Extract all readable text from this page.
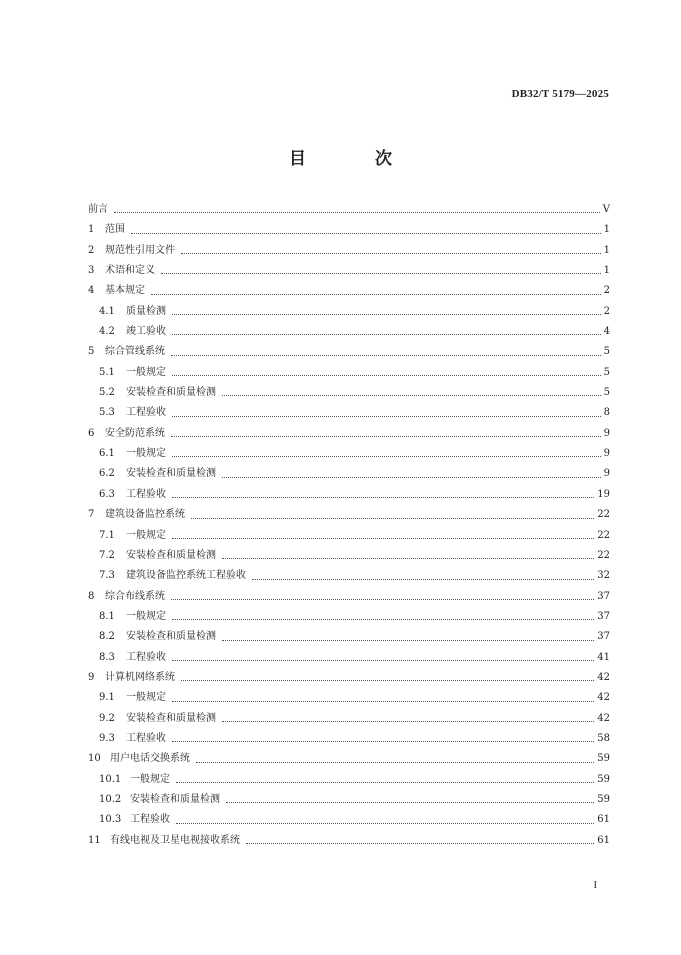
DB32/T 5179—2025
目　次
前言	V
1	范围	1
2	规范性引用文件	1
3	术语和定义	1
4	基本规定	2
4.1	质量检测	2
4.2	竣工验收	4
5	综合管线系统	5
5.1	一般规定	5
5.2	安装检查和质量检测	5
5.3	工程验收	8
6	安全防范系统	9
6.1	一般规定	9
6.2	安装检查和质量检测	9
6.3	工程验收	19
7	建筑设备监控系统	22
7.1	一般规定	22
7.2	安装检查和质量检测	22
7.3	建筑设备监控系统工程验收	32
8	综合布线系统	37
8.1	一般规定	37
8.2	安装检查和质量检测	37
8.3	工程验收	41
9	计算机网络系统	42
9.1	一般规定	42
9.2	安装检查和质量检测	42
9.3	工程验收	58
10 用户电话交换系统	59
10.1 一般规定	59
10.2 安装检查和质量检测	59
10.3 工程验收	61
11 有线电视及卫星电视接收系统	61
I
